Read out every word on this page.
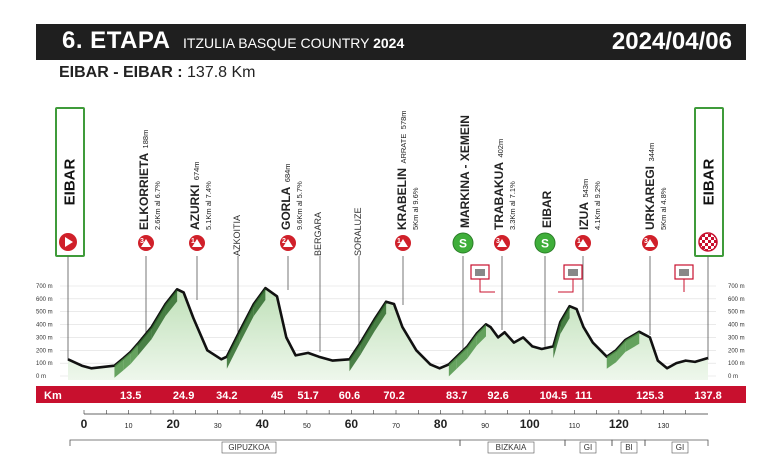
6. ETAPA ITZULIA BASQUE COUNTRY 2024	2024/04/06
EIBAR - EIBAR : 137.8 Km
EIBAR	EIBAR
ELKORRIETA 188m
2.6Km al 6.7% AZURKI 674m
5.1Km al 7.4%	GORLA 684m
9.6Km al 5.7%	KRABELIN ARRATE 578m
5Km al 9.6%	TRABAKUA 402m
3.3Km al 7.1%	IZUA 543m 4.1Km al 9.2%	URKAREGI 344m
5Km al 4.8%
MARKINA - XEMEIN	EIBAR
AZKOITIA	BERGARA	SORALUZE
3	1	2	1	3	1	3
S	S
700 m	700 m
600 m	600 m
500 m	500 m
400 m	400 m
300 m	300 m
200 m	200 m
100 m	100 m
0 m	0 m
Km	13.5	24.9 34.2	45 51.7 60.6 70.2	83.7 92.6	104.5 111	125.3	137.8
0	10	20	30	40	50	60	70	80	90	100	110 120	130
GIPUZKOA	BIZKAIA	GI	BI	GI
